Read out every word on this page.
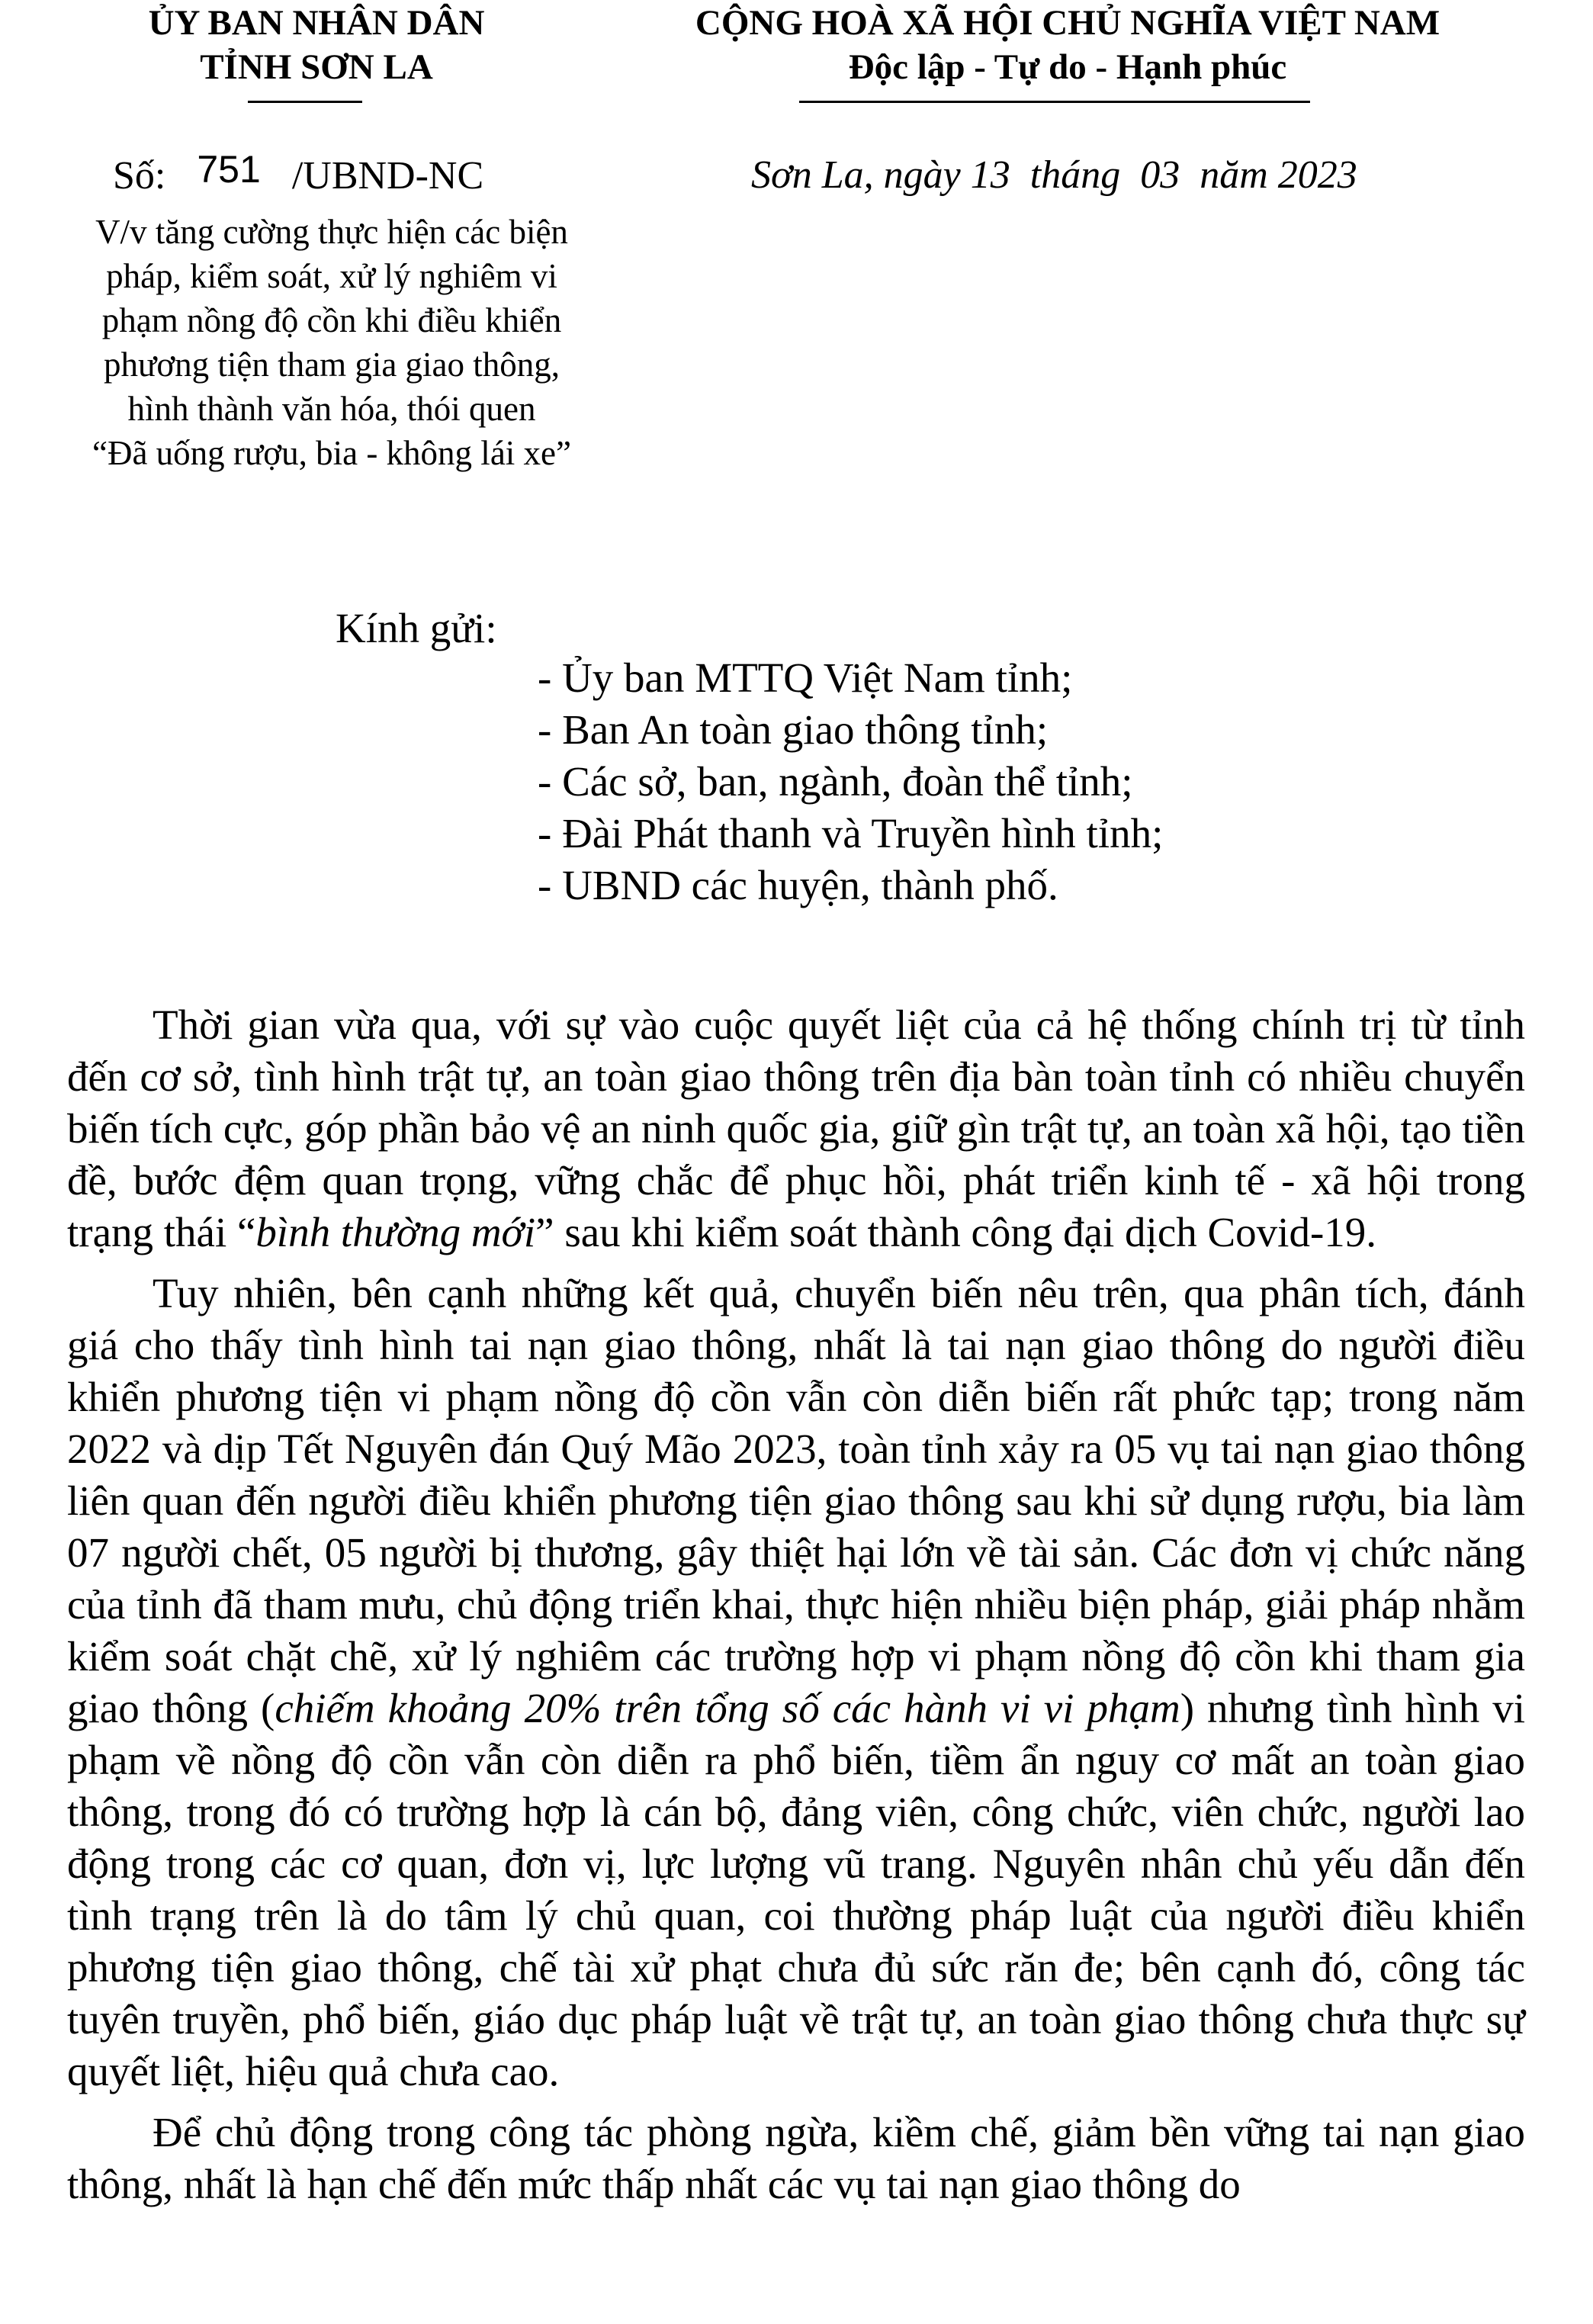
ỦY BAN NHÂN DÂN
TỈNH SƠN LA
CỘNG HOÀ XÃ HỘI CHỦ NGHĨA VIỆT NAM
Độc lập - Tự do - Hạnh phúc
Số: 751 /UBND-NC	Sơn La, ngày 13  tháng  03  năm 2023
V/v tăng cường thực hiện các biện
pháp, kiểm soát, xử lý nghiêm vi
phạm nồng độ cồn khi điều khiển
phương tiện tham gia giao thông,
hình thành văn hóa, thói quen
“Đã uống rượu, bia - không lái xe”
Kính gửi:
- Ủy ban MTTQ Việt Nam tỉnh;
- Ban An toàn giao thông tỉnh;
- Các sở, ban, ngành, đoàn thể tỉnh;
- Đài Phát thanh và Truyền hình tỉnh;
- UBND các huyện, thành phố.

Thời gian vừa qua, với sự vào cuộc quyết liệt của cả hệ thống chính trị từ tỉnh đến cơ sở, tình hình trật tự, an toàn giao thông trên địa bàn toàn tỉnh có nhiều chuyển biến tích cực, góp phần bảo vệ an ninh quốc gia, giữ gìn trật tự, an toàn xã hội, tạo tiền đề, bước đệm quan trọng, vững chắc để phục hồi, phát triển kinh tế - xã hội trong trạng thái “bình thường mới” sau khi kiểm soát thành công đại dịch Covid-19.

Tuy nhiên, bên cạnh những kết quả, chuyển biến nêu trên, qua phân tích, đánh giá cho thấy tình hình tai nạn giao thông, nhất là tai nạn giao thông do người điều khiển phương tiện vi phạm nồng độ cồn vẫn còn diễn biến rất phức tạp; trong năm 2022 và dịp Tết Nguyên đán Quý Mão 2023, toàn tỉnh xảy ra 05 vụ tai nạn giao thông liên quan đến người điều khiển phương tiện giao thông sau khi sử dụng rượu, bia làm 07 người chết, 05 người bị thương, gây thiệt hại lớn về tài sản. Các đơn vị chức năng của tỉnh đã tham mưu, chủ động triển khai, thực hiện nhiều biện pháp, giải pháp nhằm kiểm soát chặt chẽ, xử lý nghiêm các trường hợp vi phạm nồng độ cồn khi tham gia giao thông (chiếm khoảng 20% trên tổng số các hành vi vi phạm) nhưng tình hình vi phạm về nồng độ cồn vẫn còn diễn ra phổ biến, tiềm ẩn nguy cơ mất an toàn giao thông, trong đó có trường hợp là cán bộ, đảng viên, công chức, viên chức, người lao động trong các cơ quan, đơn vị, lực lượng vũ trang. Nguyên nhân chủ yếu dẫn đến tình trạng trên là do tâm lý chủ quan, coi thường pháp luật của người điều khiển phương tiện giao thông, chế tài xử phạt chưa đủ sức răn đe; bên cạnh đó, công tác tuyên truyền, phổ biến, giáo dục pháp luật về trật tự, an toàn giao thông chưa thực sự quyết liệt, hiệu quả chưa cao.

Để chủ động trong công tác phòng ngừa, kiềm chế, giảm bền vững tai nạn giao thông, nhất là hạn chế đến mức thấp nhất các vụ tai nạn giao thông do
